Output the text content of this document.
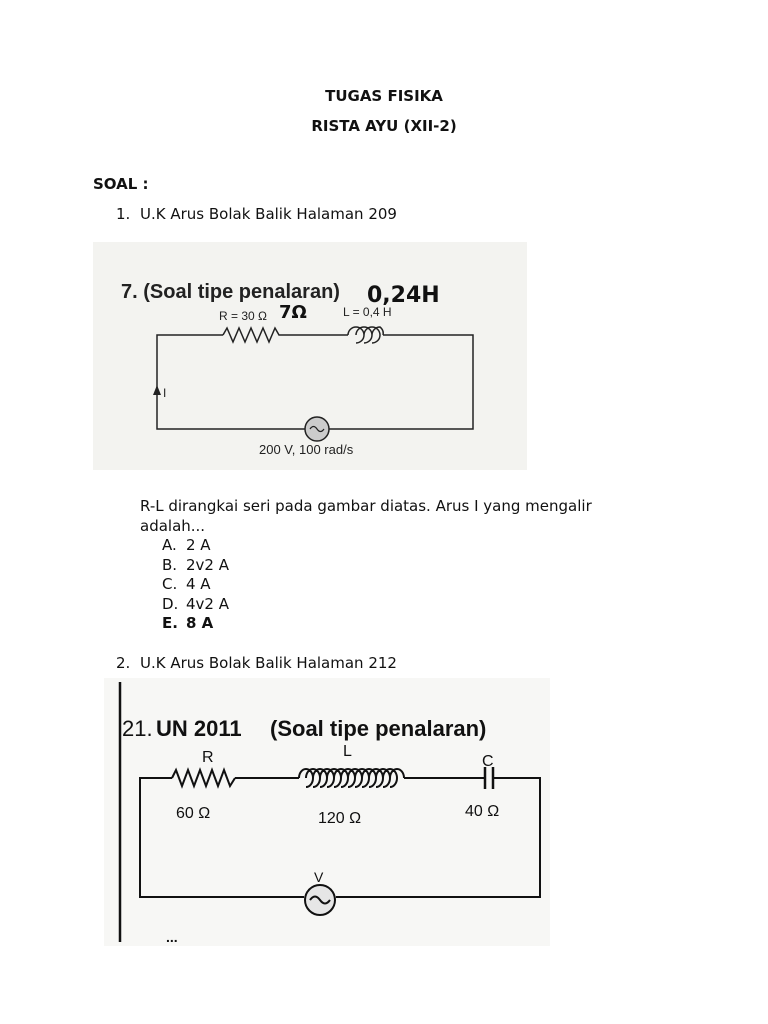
TUGAS FISIKA
RISTA AYU (XII-2)
SOAL :
1. U.K Arus Bolak Balik Halaman 209
7. (Soal tipe penalaran) 0,24H
7Ω
R = 30 Ω	L = 0,4 H
I
200 V, 100 rad/s
R-L dirangkai seri pada gambar diatas. Arus I yang mengalir
adalah...
A. 2 A
B. 2v2 A
C. 4 A
D. 4v2 A
E. 8 A
2. U.K Arus Bolak Balik Halaman 212
21. UN 2011 (Soal tipe penalaran)
R	L
C
60 Ω	120 Ω	40 Ω
V
...
